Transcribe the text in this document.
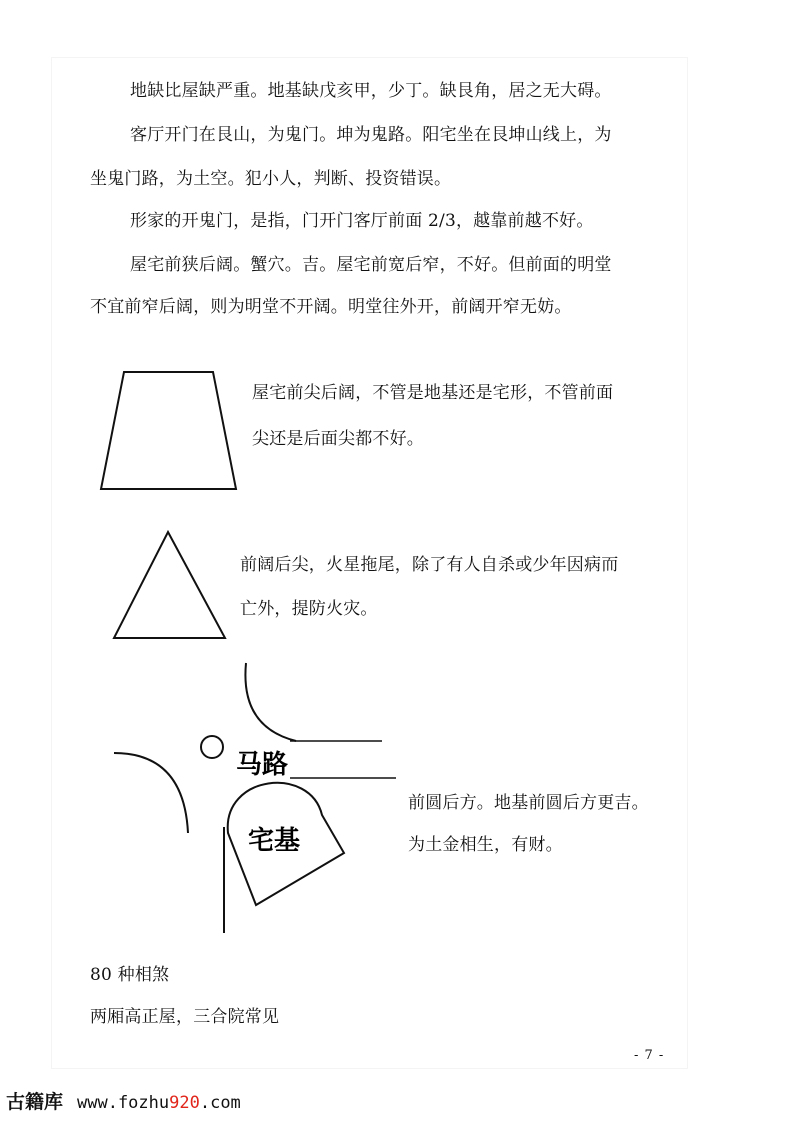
地缺比屋缺严重。地基缺戊亥甲，少丁。缺艮角，居之无大碍。
客厅开门在艮山，为鬼门。坤为鬼路。阳宅坐在艮坤山线上，为
坐鬼门路，为土空。犯小人，判断、投资错误。
形家的开鬼门，是指，门开门客厅前面 2/3，越靠前越不好。
屋宅前狭后阔。蟹穴。吉。屋宅前宽后窄，不好。但前面的明堂
不宜前窄后阔，则为明堂不开阔。明堂往外开，前阔开窄无妨。
屋宅前尖后阔，不管是地基还是宅形，不管前面
尖还是后面尖都不好。
前阔后尖，火星拖尾，除了有人自杀或少年因病而
亡外，提防火灾。
马路
宅基
前圆后方。地基前圆后方更吉。
为土金相生，有财。
80 种相煞
两厢高正屋，三合院常见
- 7 -
古籍库 www.fozhu920.com
